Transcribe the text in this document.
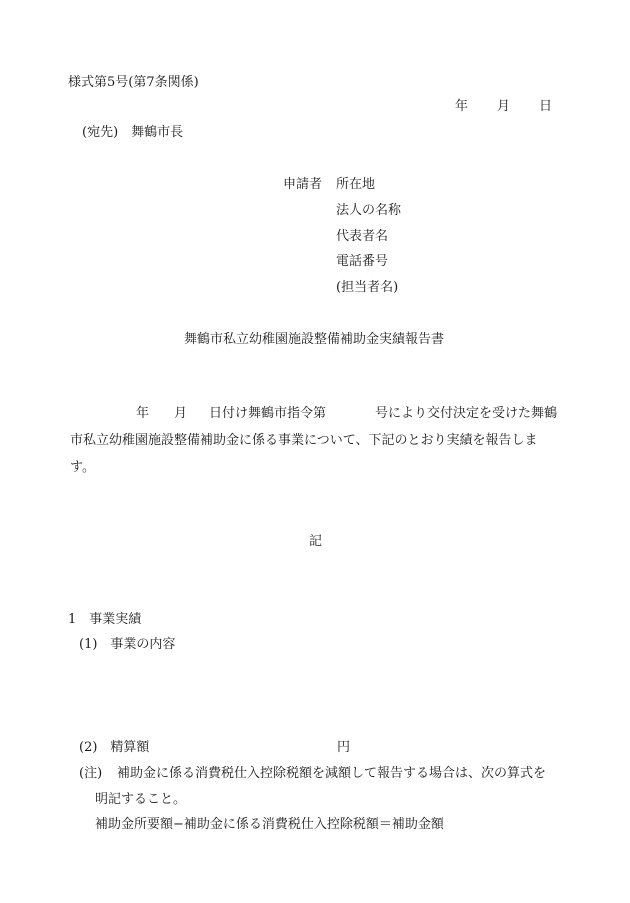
様式第5号(第7条関係)
年 月 日
(宛先)　舞鶴市長
申請者 所在地
法人の名称
代表者名
電話番号
(担当者名)
舞鶴市私立幼稚園施設整備補助金実績報告書
年 月 日付け舞鶴市指令第	号により交付決定を受けた舞鶴市私立幼稚園施設整備補助金に係る事業について、下記のとおり実績を報告します。
記
1　事業実績
(1)　事業の内容
(2)　精算額	円
(注) 補助金に係る消費税仕入控除税額を減額して報告する場合は、次の算式を
明記すること。
補助金所要額−補助金に係る消費税仕入控除税額＝補助金額
